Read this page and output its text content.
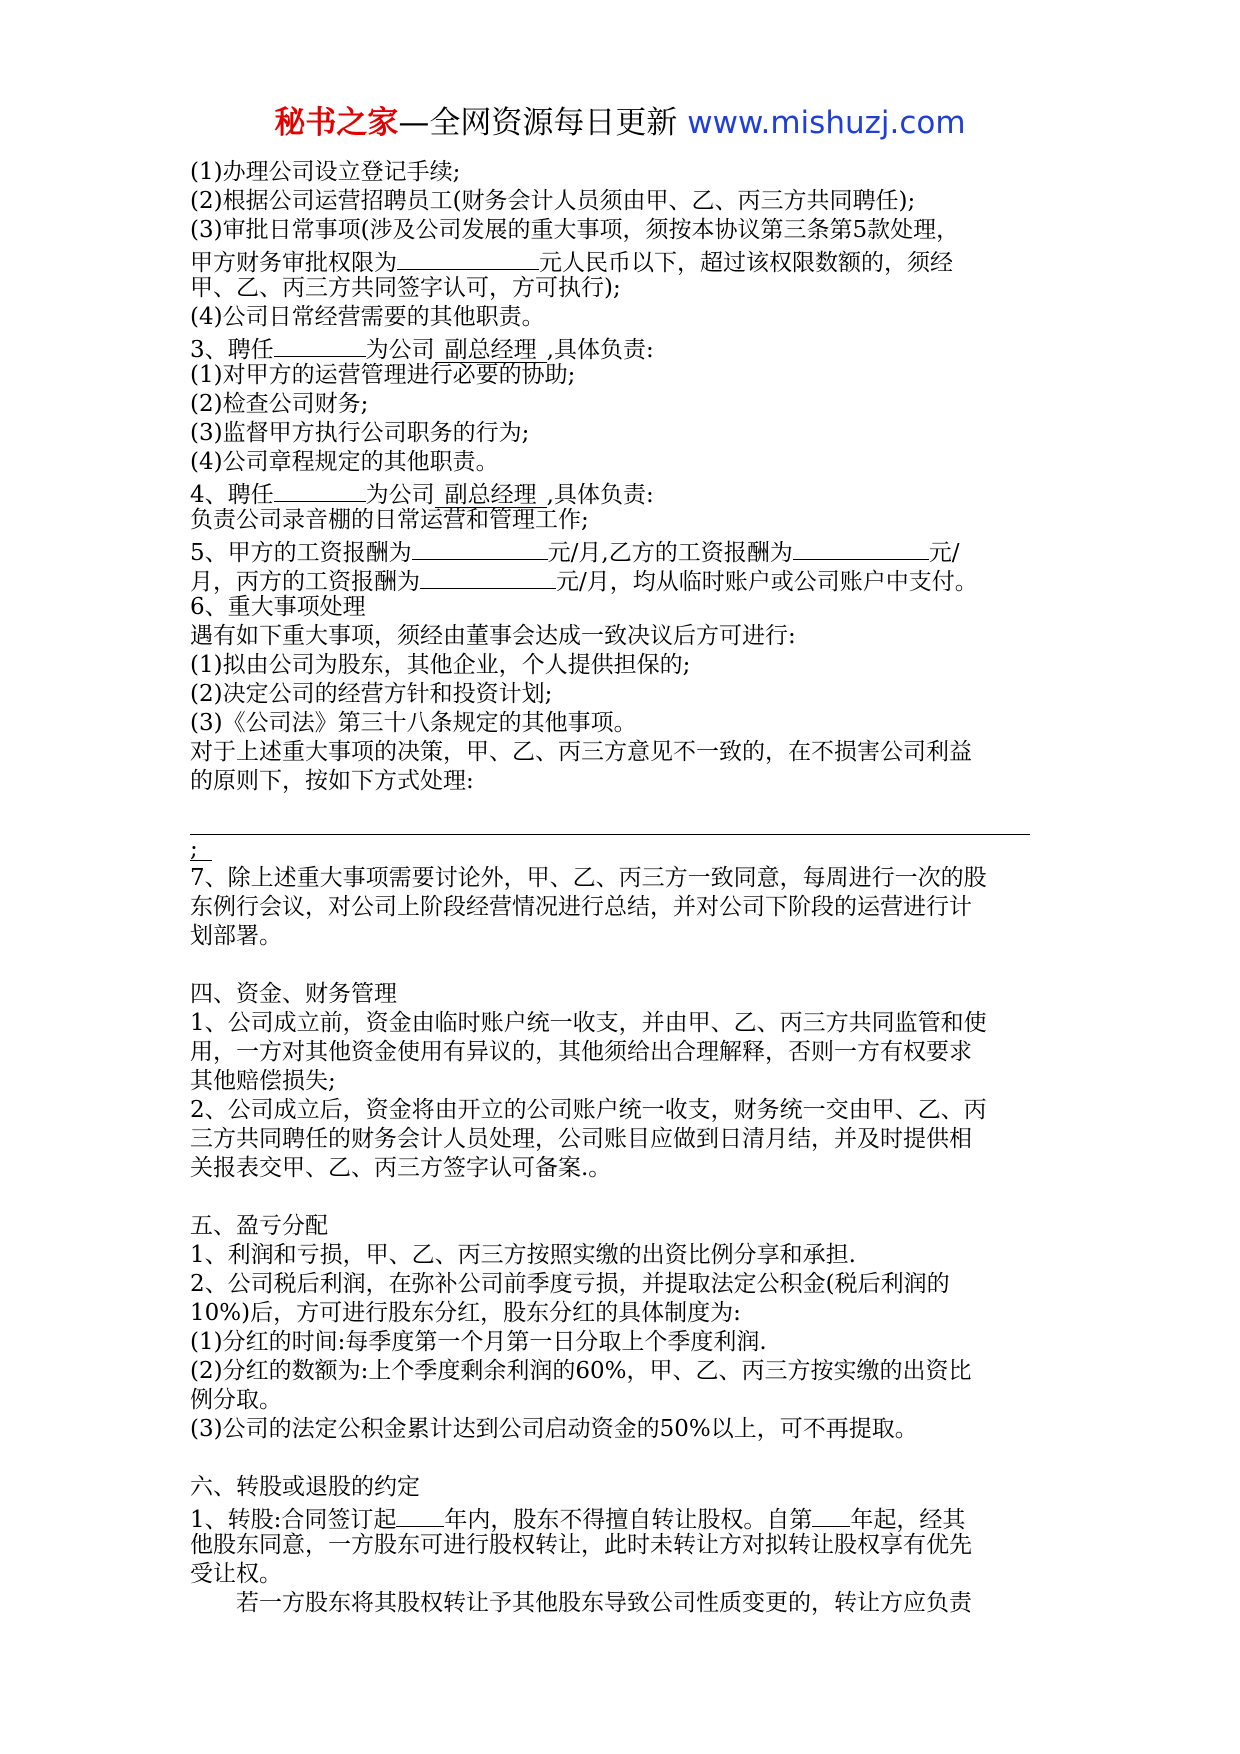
秘书之家—全网资源每日更新 www.mishuzj.com
(1)办理公司设立登记手续;
(2)根据公司运营招聘员工(财务会计人员须由甲、乙、丙三方共同聘任);
(3)审批日常事项(涉及公司发展的重大事项，须按本协议第三条第5款处理，
甲方财务审批权限为	元人民币以下，超过该权限数额的，须经
甲、乙、丙三方共同签字认可，方可执行);
(4)公司日常经营需要的其他职责。
3、聘任	为公司 副总经理 ,具体负责:
(1)对甲方的运营管理进行必要的协助;
(2)检查公司财务;
(3)监督甲方执行公司职务的行为;
(4)公司章程规定的其他职责。
4、聘任	为公司 副总经理 ,具体负责:
负责公司录音棚的日常运营和管理工作;
5、甲方的工资报酬为	元/月,乙方的工资报酬为	元/
月，丙方的工资报酬为	元/月，均从临时账户或公司账户中支付。
6、重大事项处理
遇有如下重大事项，须经由董事会达成一致决议后方可进行:
(1)拟由公司为股东，其他企业，个人提供担保的;
(2)决定公司的经营方针和投资计划;
(3)《公司法》第三十八条规定的其他事项。
对于上述重大事项的决策，甲、乙、丙三方意见不一致的，在不损害公司利益
的原则下，按如下方式处理:
;
7、除上述重大事项需要讨论外，甲、乙、丙三方一致同意，每周进行一次的股
东例行会议，对公司上阶段经营情况进行总结，并对公司下阶段的运营进行计
划部署。
四、资金、财务管理
1、公司成立前，资金由临时账户统一收支，并由甲、乙、丙三方共同监管和使
用，一方对其他资金使用有异议的，其他须给出合理解释，否则一方有权要求
其他赔偿损失;
2、公司成立后，资金将由开立的公司账户统一收支，财务统一交由甲、乙、丙
三方共同聘任的财务会计人员处理，公司账目应做到日清月结，并及时提供相
关报表交甲、乙、丙三方签字认可备案.。
五、盈亏分配
1、利润和亏损，甲、乙、丙三方按照实缴的出资比例分享和承担.
2、公司税后利润，在弥补公司前季度亏损，并提取法定公积金(税后利润的
10%)后，方可进行股东分红，股东分红的具体制度为:
(1)分红的时间:每季度第一个月第一日分取上个季度利润.
(2)分红的数额为:上个季度剩余利润的60%，甲、乙、丙三方按实缴的出资比
例分取。
(3)公司的法定公积金累计达到公司启动资金的50%以上，可不再提取。
六、转股或退股的约定
1、转股:合同签订起 年内，股东不得擅自转让股权。自第 年起，经其
他股东同意，一方股东可进行股权转让，此时未转让方对拟转让股权享有优先
受让权。
若一方股东将其股权转让予其他股东导致公司性质变更的，转让方应负责
